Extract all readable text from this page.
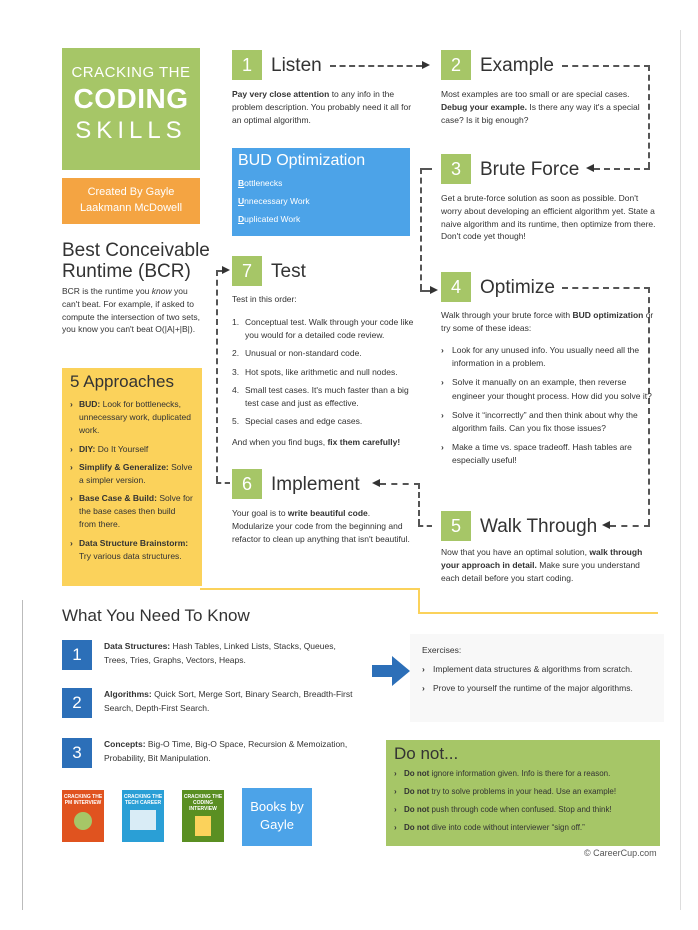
CRACKING THE
CODING
SKILLS
Created By Gayle Laakmann McDowell
Best Conceivable Runtime (BCR)
BCR is the runtime you know you can't beat. For example, if asked to compute the intersection of two sets, you know you can't beat O(|A|+|B|).
5 Approaches
› BUD: Look for bottlenecks, unnecessary work, duplicated work.
› DIY: Do It Yourself
› Simplify & Generalize: Solve a simpler version.
› Base Case & Build: Solve for the base cases then build from there.
› Data Structure Brainstorm: Try various data structures.
1	Listen
Pay very close attention to any info in the problem description. You probably need it all for an optimal algorithm.
2	Example
Most examples are too small or are special cases. Debug your example. Is there any way it's a special case? Is it big enough?
BUD Optimization
Bottlenecks
Unnecessary Work
Duplicated Work
3	Brute Force
Get a brute-force solution as soon as possible. Don't worry about developing an efficient algorithm yet. State a naive algorithm and its runtime, then optimize from there. Don't code yet though!
7	Test
Test in this order:
1. Conceptual test. Walk through your code like you would for a detailed code review.
2. Unusual or non-standard code.
3. Hot spots, like arithmetic and null nodes.
4. Small test cases. It's much faster than a big test case and just as effective.
5. Special cases and edge cases.
And when you find bugs, fix them carefully!
4	Optimize
Walk through your brute force with BUD optimization or try some of these ideas:
› Look for any unused info. You usually need all the information in a problem.
› Solve it manually on an example, then reverse engineer your thought process. How did you solve it?
› Solve it “incorrectly” and then think about why the algorithm fails. Can you fix those issues?
› Make a time vs. space tradeoff. Hash tables are especially useful!
6	Implement
Your goal is to write beautiful code. Modularize your code from the beginning and refactor to clean up anything that isn't beautiful.
5	Walk Through
Now that you have an optimal solution, walk through your approach in detail. Make sure you understand each detail before you start coding.
What You Need To Know
1	Data Structures: Hash Tables, Linked Lists, Stacks, Queues, Trees, Tries, Graphs, Vectors, Heaps.
2	Algorithms: Quick Sort, Merge Sort, Binary Search, Breadth-First Search, Depth-First Search.
3	Concepts: Big-O Time, Big-O Space, Recursion & Memoization, Probability, Bit Manipulation.
Exercises:
› Implement data structures & algorithms from scratch.
› Prove to yourself the runtime of the major algorithms.
Do not...
› Do not ignore information given. Info is there for a reason.
› Do not try to solve problems in your head. Use an example!
› Do not push through code when confused. Stop and think!
› Do not dive into code without interviewer “sign off.”
CRACKING THE PM INTERVIEW
CRACKING THE TECH CAREER
CRACKING THE CODING INTERVIEW	Books by Gayle
© CareerCup.com
